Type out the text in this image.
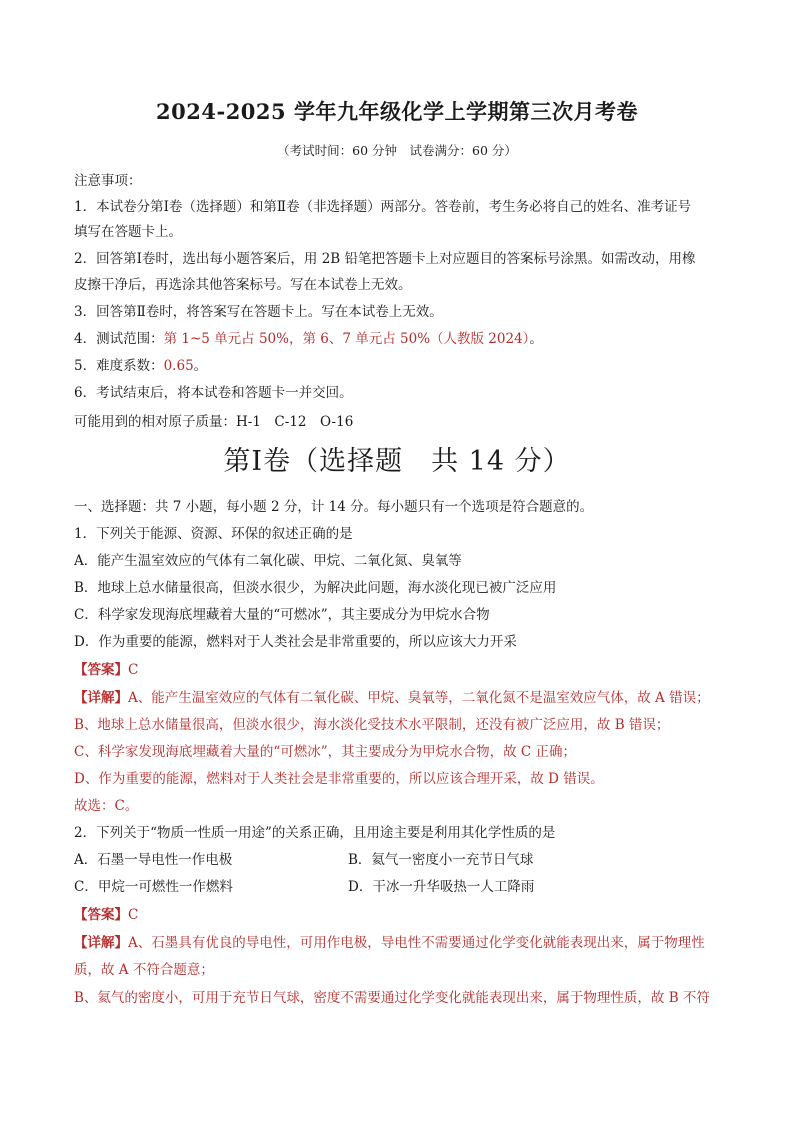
2024-2025 学年九年级化学上学期第三次月考卷
（考试时间：60 分钟　试卷满分：60 分）
注意事项：
1．本试卷分第Ⅰ卷（选择题）和第Ⅱ卷（非选择题）两部分。答卷前，考生务必将自己的姓名、准考证号
填写在答题卡上。
2．回答第Ⅰ卷时，选出每小题答案后，用 2B 铅笔把答题卡上对应题目的答案标号涂黑。如需改动，用橡
皮擦干净后，再选涂其他答案标号。写在本试卷上无效。
3．回答第Ⅱ卷时，将答案写在答题卡上。写在本试卷上无效。
4．测试范围：第 1~5 单元占 50%，第 6、7 单元占 50%（人教版 2024）。
5．难度系数：0.65。
6．考试结束后，将本试卷和答题卡一并交回。
可能用到的相对原子质量：H-1　C-12　O-16
第Ⅰ卷（选择题　共 14 分）
一、选择题：共 7 小题，每小题 2 分，计 14 分。每小题只有一个选项是符合题意的。
1．下列关于能源、资源、环保的叙述正确的是
A．能产生温室效应的气体有二氧化碳、甲烷、二氧化氮、臭氧等
B．地球上总水储量很高，但淡水很少，为解决此问题，海水淡化现已被广泛应用
C．科学家发现海底埋藏着大量的“可燃冰”，其主要成分为甲烷水合物
D．作为重要的能源，燃料对于人类社会是非常重要的，所以应该大力开采
【答案】C
【详解】A、能产生温室效应的气体有二氧化碳、甲烷、臭氧等，二氧化氮不是温室效应气体，故 A 错误；
B、地球上总水储量很高，但淡水很少，海水淡化受技术水平限制，还没有被广泛应用，故 B 错误；
C、科学家发现海底埋藏着大量的“可燃冰”，其主要成分为甲烷水合物，故 C 正确；
D、作为重要的能源，燃料对于人类社会是非常重要的，所以应该合理开采，故 D 错误。
故选：C。
2．下列关于“物质一性质一用途”的关系正确，且用途主要是利用其化学性质的是
A．石墨一导电性一作电极	B．氦气一密度小一充节日气球
C．甲烷一可燃性一作燃料	D．干冰一升华吸热一人工降雨
【答案】C
【详解】A、石墨具有优良的导电性，可用作电极，导电性不需要通过化学变化就能表现出来，属于物理性
质，故 A 不符合题意；
B、氦气的密度小，可用于充节日气球，密度不需要通过化学变化就能表现出来，属于物理性质，故 B 不符
